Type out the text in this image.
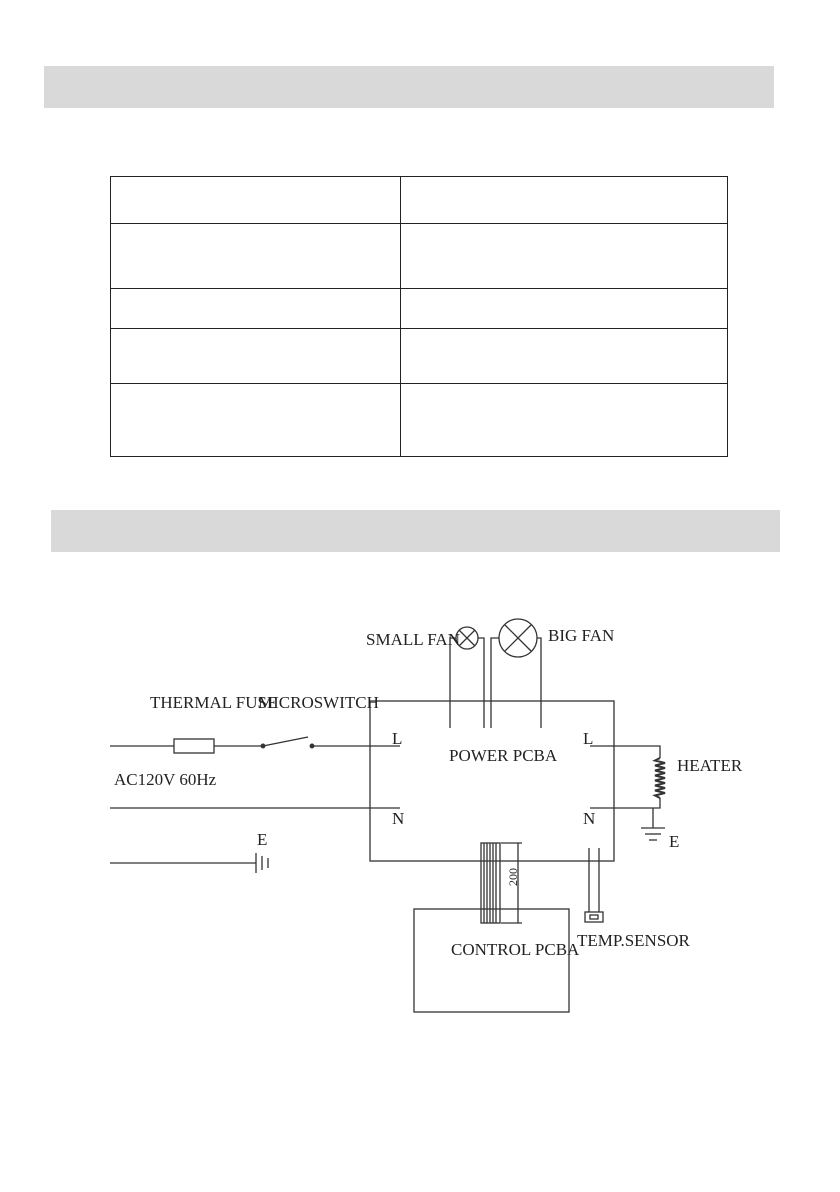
SMALL FAN	BIG FAN
THERMAL FUSE
MICROSWITCH
L
POWER PCBA
L
HEATER
AC120V 60Hz
N	N
E
E
200
CONTROL PCBA
TEMP.SENSOR
